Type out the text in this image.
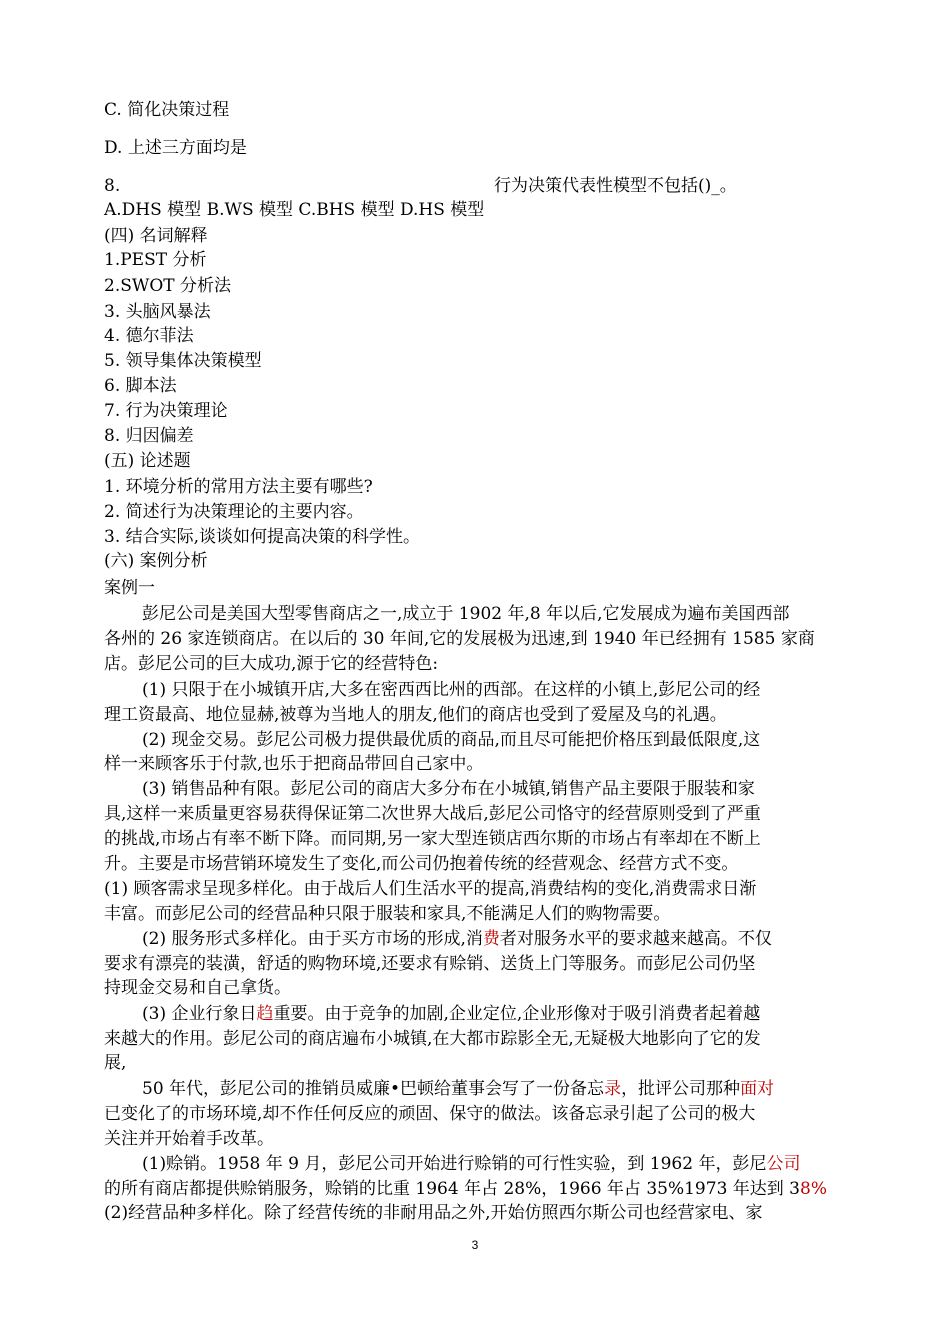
C. 简化决策过程
D. 上述三方面均是
8.	行为决策代表性模型不包括()_。
A.DHS 模型 B.WS 模型 C.BHS 模型 D.HS 模型
(四) 名词解释
1.PEST 分析
2.SWOT 分析法
3. 头脑风暴法
4. 德尔菲法
5. 领导集体决策模型
6. 脚本法
7. 行为决策理论
8. 归因偏差
(五) 论述题
1. 环境分析的常用方法主要有哪些?
2. 简述行为决策理论的主要内容。
3. 结合实际,谈谈如何提高决策的科学性。
(六) 案例分析
案例一
彭尼公司是美国大型零售商店之一,成立于 1902 年,8 年以后,它发展成为遍布美国西部
各州的 26 家连锁商店。在以后的 30 年间,它的发展极为迅速,到 1940 年已经拥有 1585 家商
店。彭尼公司的巨大成功,源于它的经营特色:
(1) 只限于在小城镇开店,大多在密西西比州的西部。在这样的小镇上,彭尼公司的经
理工资最高、地位显赫,被尊为当地人的朋友,他们的商店也受到了爱屋及乌的礼遇。
(2) 现金交易。彭尼公司极力提供最优质的商品,而且尽可能把价格压到最低限度,这
样一来顾客乐于付款,也乐于把商品带回自己家中。
(3) 销售品种有限。彭尼公司的商店大多分布在小城镇,销售产品主要限于服装和家
具,这样一来质量更容易获得保证第二次世界大战后,彭尼公司恪守的经营原则受到了严重
的挑战,市场占有率不断下降。而同期,另一家大型连锁店西尔斯的市场占有率却在不断上
升。主要是市场营销环境发生了变化,而公司仍抱着传统的经营观念、经营方式不变。
(1) 顾客需求呈现多样化。由于战后人们生活水平的提高,消费结构的变化,消费需求日渐
丰富。而彭尼公司的经营品种只限于服装和家具,不能满足人们的购物需要。
(2) 服务形式多样化。由于买方市场的形成,消费者对服务水平的要求越来越高。不仅
要求有漂亮的装潢，舒适的购物环境,还要求有赊销、送货上门等服务。而彭尼公司仍坚
持现金交易和自己拿货。
(3) 企业行象日趋重要。由于竞争的加剧,企业定位,企业形像对于吸引消费者起着越
来越大的作用。彭尼公司的商店遍布小城镇,在大都市踪影全无,无疑极大地影向了它的发
展,
50 年代，彭尼公司的推销员威廉•巴顿给董事会写了一份备忘录，批评公司那种面对
已变化了的市场环境,却不作任何反应的顽固、保守的做法。该备忘录引起了公司的极大
关注并开始着手改革。
(1)赊销。1958 年 9 月，彭尼公司开始进行赊销的可行性实验，到 1962 年，彭尼公司
的所有商店都提供赊销服务，赊销的比重 1964 年占 28%，1966 年占 35%1973 年达到 38%
(2)经营品种多样化。除了经营传统的非耐用品之外,开始仿照西尔斯公司也经营家电、家
3
